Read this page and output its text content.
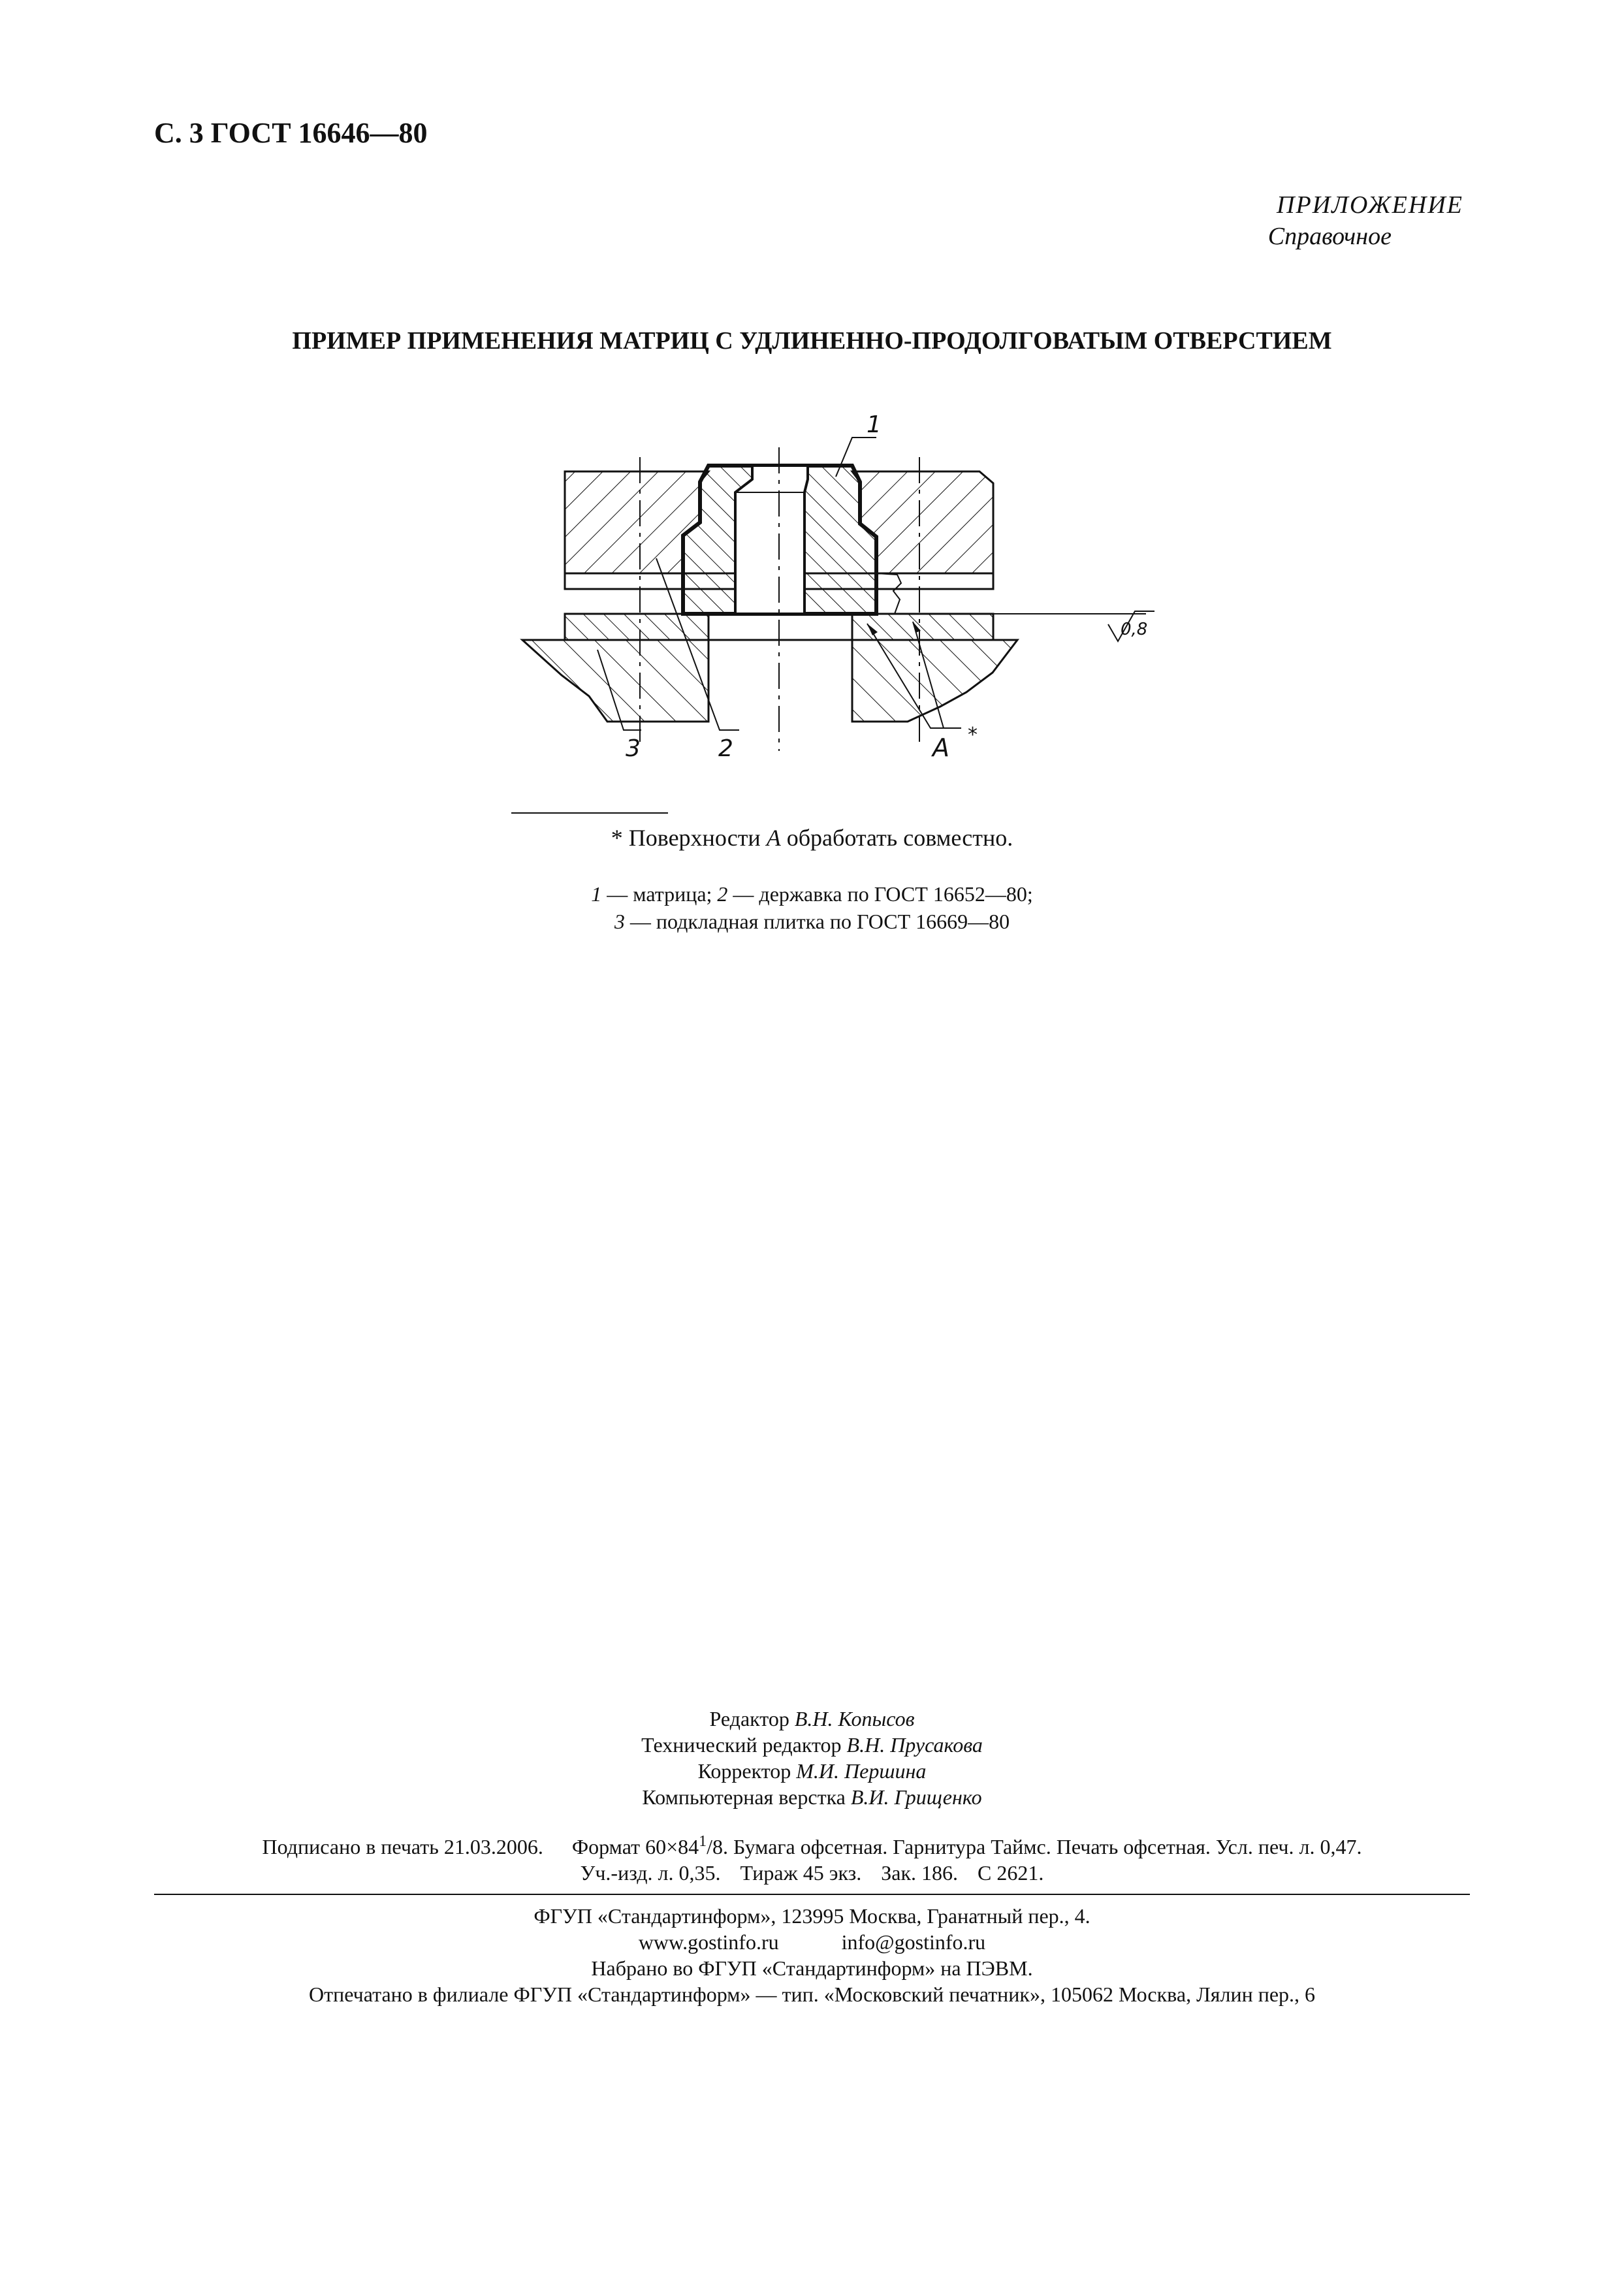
С. 3 ГОСТ 16646—80
ПРИЛОЖЕНИЕ
Справочное
ПРИМЕР ПРИМЕНЕНИЯ МАТРИЦ С УДЛИНЕННО-ПРОДОЛГОВАТЫМ ОТВЕРСТИЕМ
1
2
3	А *
0,8
* Поверхности А обработать совместно.
1 — матрица; 2 — державка по ГОСТ 16652—80;
3 — подкладная плитка по ГОСТ 16669—80
Редактор В.Н. Копысов
Технический редактор В.Н. Прусакова
Корректор М.И. Першина
Компьютерная верстка В.И. Грищенко
Подписано в печать 21.03.2006. Формат $60\times 84^1/8$. Бумага офсетная. Гарнитура Таймс. Печать офсетная. Усл. печ. л. 0,47.
Уч.-изд. л. 0,35. Тираж 45 экз. Зак. 186. С 2621.
ФГУП «Стандартинформ», 123995 Москва, Гранатный пер., 4.
www.gostinfo.ru	info@gostinfo.ru
Набрано во ФГУП «Стандартинформ» на ПЭВМ.
Отпечатано в филиале ФГУП «Стандартинформ» — тип. «Московский печатник», 105062 Москва, Лялин пер., 6
